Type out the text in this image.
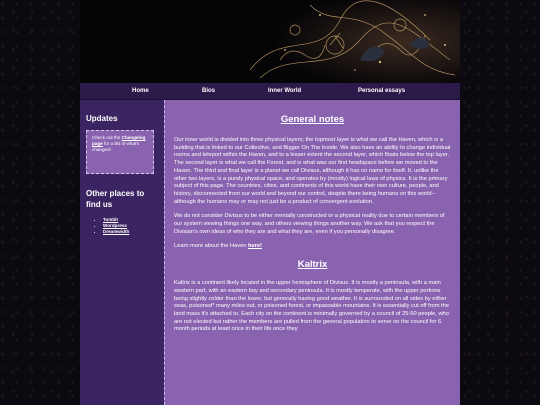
Home	Bios	Inner World	Personal essays
Updates
Check out the Changelog page for a list of what's changed!
Other places to find us
• Tumblr
• Wordpress
• Dreamwidth
General notes

Our inner world is divided into three physical layers; the topmost layer is what we call the Haven, which is a building that is linked to our Collective, and Bigger On The Inside. We also have an ability to change individual rooms and teleport within the Haven, and to a lesser extent the second layer, which floats below the top layer. The second layer is what we call the Forest, and is what was our first headspace before we moved to the Haven. The third and final layer is a planet we call Divisus, although it has no name for itself. It, unlike the other two layers, is a purely physical space, and operates by (mostly) logical laws of physics. It is the primary subject of this page. The countries, cities, and continents of this world have their own culture, people, and history, disconnected from our world and beyond our control, despite there being humans on this world--although the humans may or may not just be a product of convergent evolution.

We do not consider Divisus to be either mentally constructed or a physical reality due to certain members of our system viewing things one way, and others viewing things another way. We ask that you respect the Divisian's own ideas of who they are and what they are, even if you personally disagree.

Learn more about the Haven here!

Kaltrix

Kaltrix is a continent likely located in the upper hemisphere of Divisus. It is mostly a peninsula, with a main western part, with an eastern bay and secondary peninsula. It is mostly temperate, with the upper portions being slightly colder than the lower, but generally having good weather. It is surrounded on all sides by either seas, poisoned* many miles out, or poisoned forest, or impassable mountains. It is essentially cut off from the land mass it's attached to. Each city on the continent is minimally governed by a council of 25-50 people, who are not elected but rather the members are pulled from the general population to serve on the council for 6 month periods at least once in their life once they
